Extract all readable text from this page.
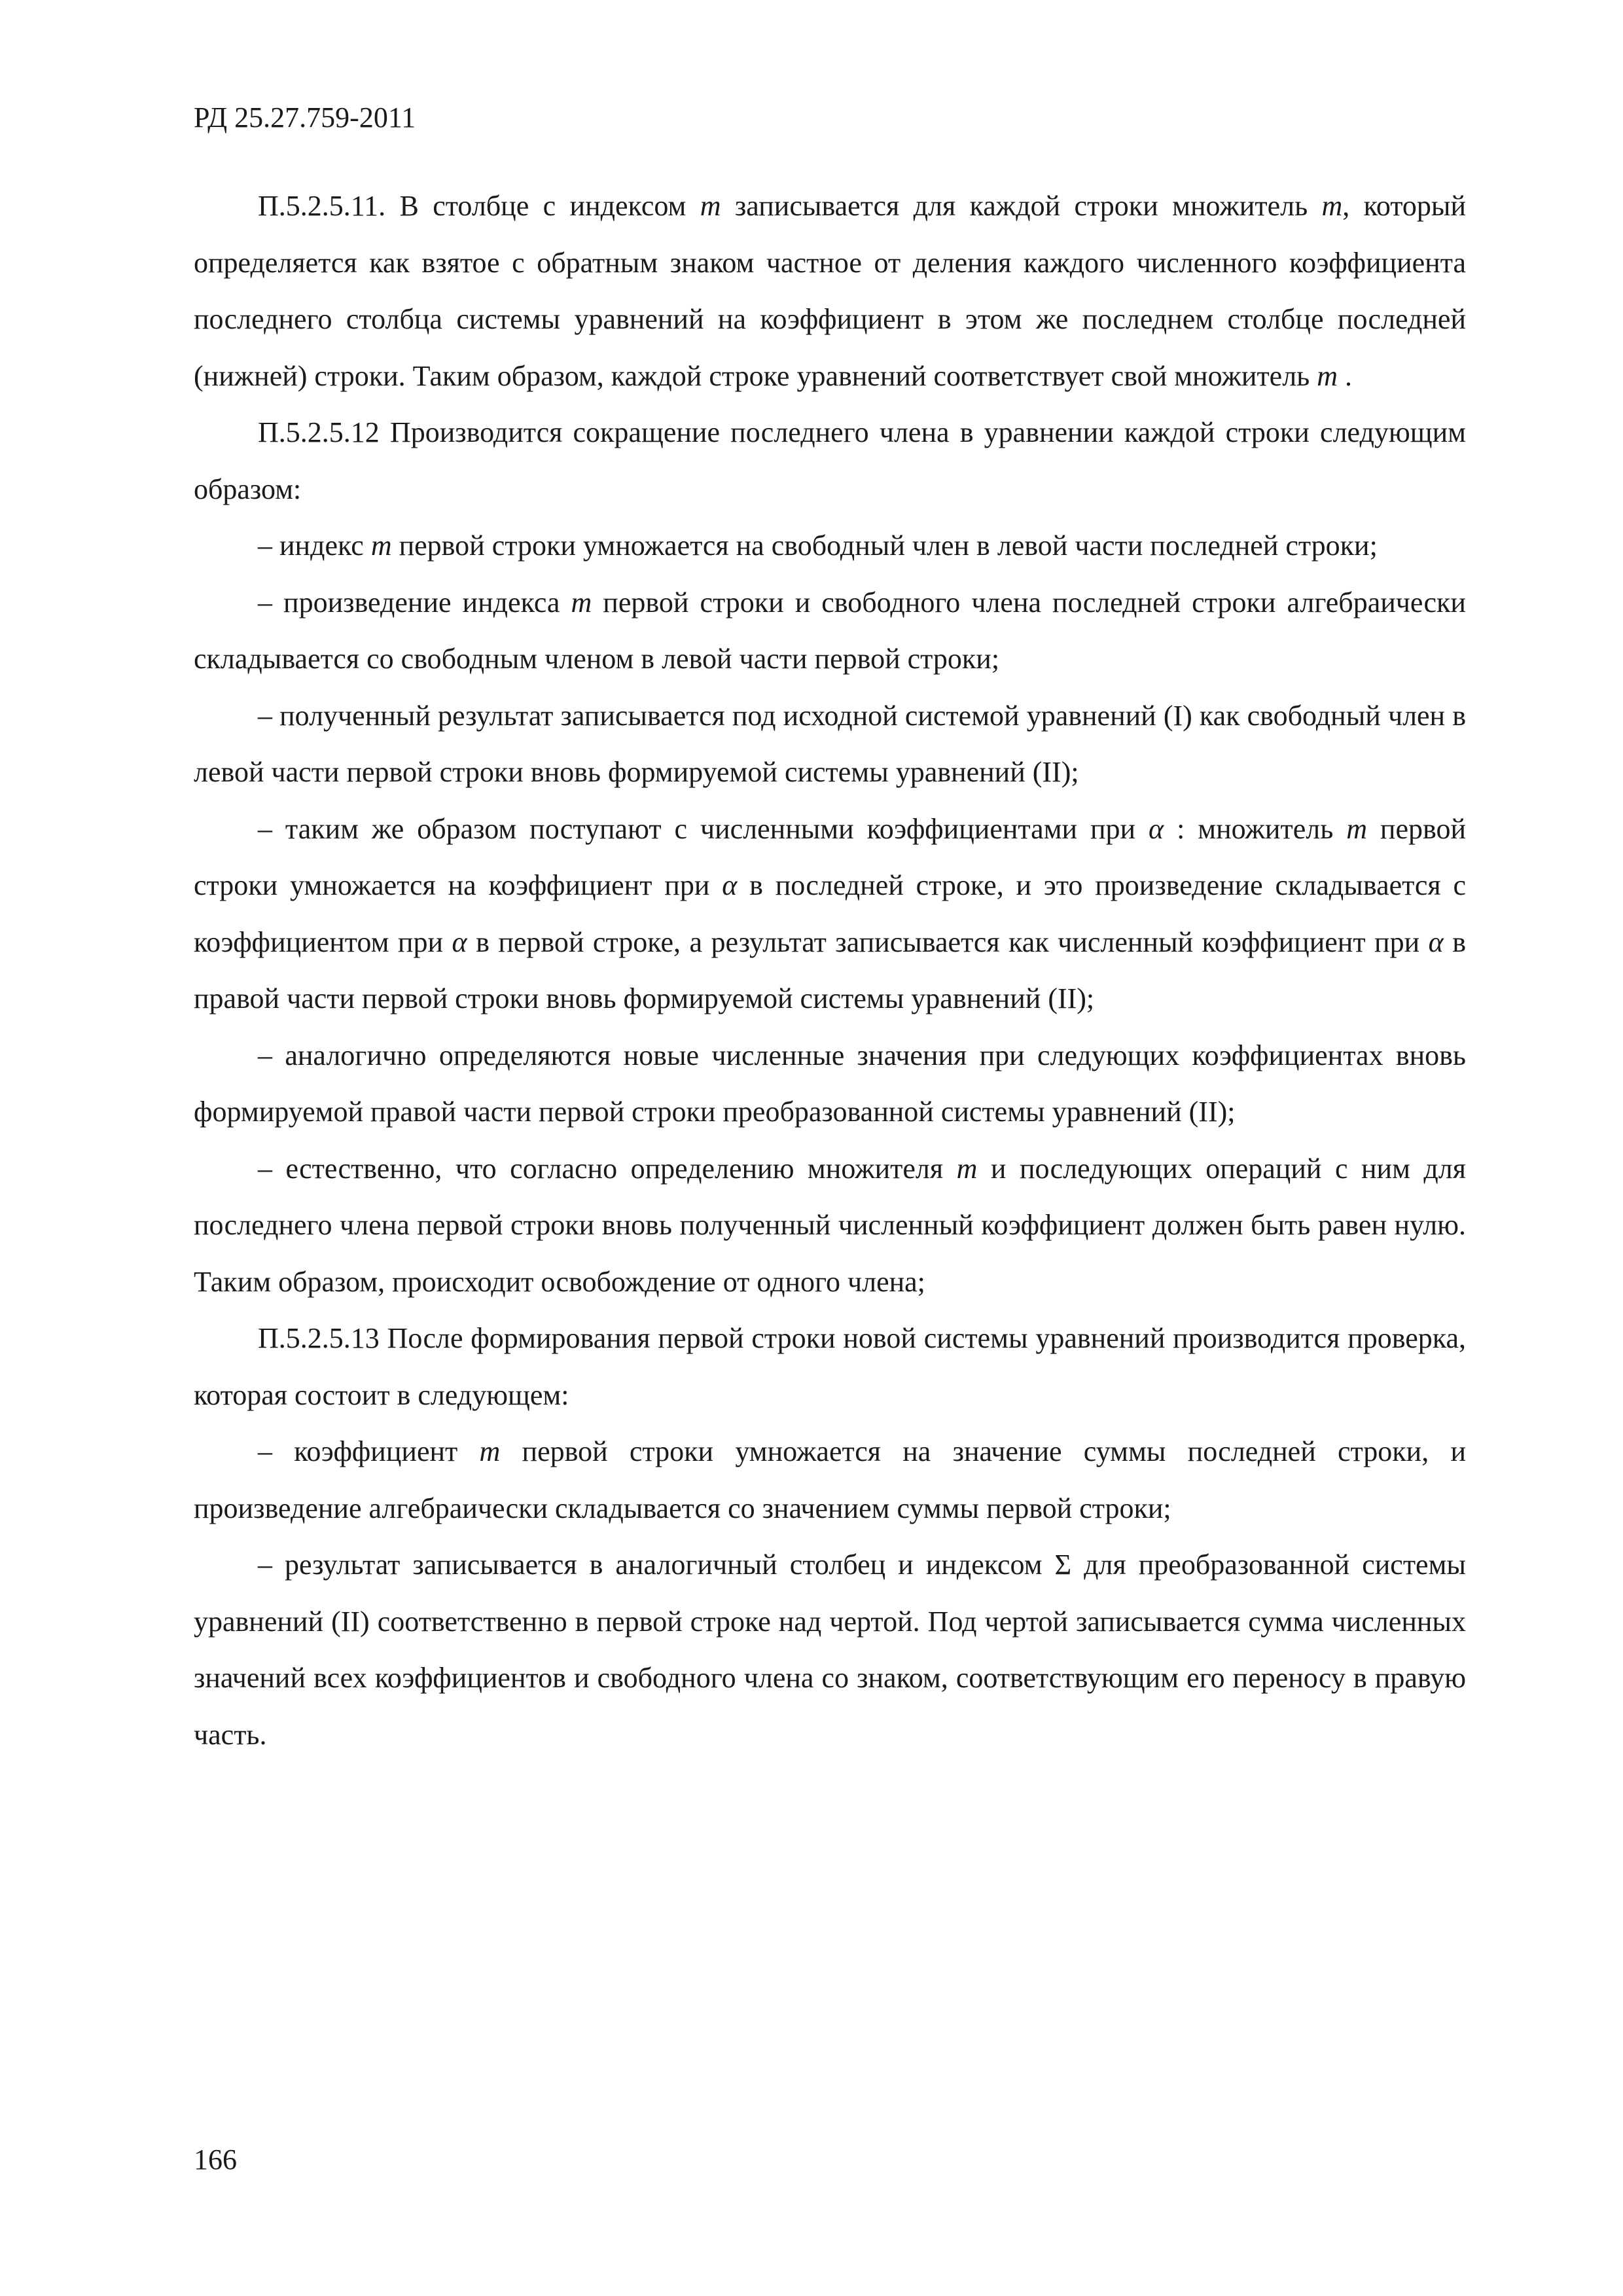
РД 25.27.759-2011

П.5.2.5.11. В столбце с индексом m записывается для каждой строки множитель m, который определяется как взятое с обратным знаком частное от деления каждого численного коэффициента последнего столбца системы уравнений на коэффициент в этом же последнем столбце последней (нижней) строки. Таким образом, каждой строке уравнений соответствует свой множитель m .

П.5.2.5.12 Производится сокращение последнего члена в уравнении каждой строки следующим образом:

– индекс m первой строки умножается на свободный член в левой части последней строки;

– произведение индекса m первой строки и свободного члена последней строки алгебраически складывается со свободным членом в левой части первой строки;

– полученный результат записывается под исходной системой уравнений (I) как свободный член в левой части первой строки вновь формируемой системы уравнений (II);

– таким же образом поступают с численными коэффициентами при α : множитель m первой строки умножается на коэффициент при α в последней строке, и это произведение складывается с коэффициентом при α в первой строке, а результат записывается как численный коэффициент при α в правой части первой строки вновь формируемой системы уравнений (II);

– аналогично определяются новые численные значения при следующих коэффициентах вновь формируемой правой части первой строки преобразованной системы уравнений (II);

– естественно, что согласно определению множителя m и последующих операций с ним для последнего члена первой строки вновь полученный численный коэффициент должен быть равен нулю. Таким образом, происходит освобождение от одного члена;

П.5.2.5.13 После формирования первой строки новой системы уравнений производится проверка, которая состоит в следующем:

– коэффициент m первой строки умножается на значение суммы последней строки, и произведение алгебраически складывается со значением суммы первой строки;

– результат записывается в аналогичный столбец и индексом Σ для преобразованной системы уравнений (II) соответственно в первой строке над чертой. Под чертой записывается сумма численных значений всех коэффициентов и свободного члена со знаком, соответствующим его переносу в правую часть.

166
